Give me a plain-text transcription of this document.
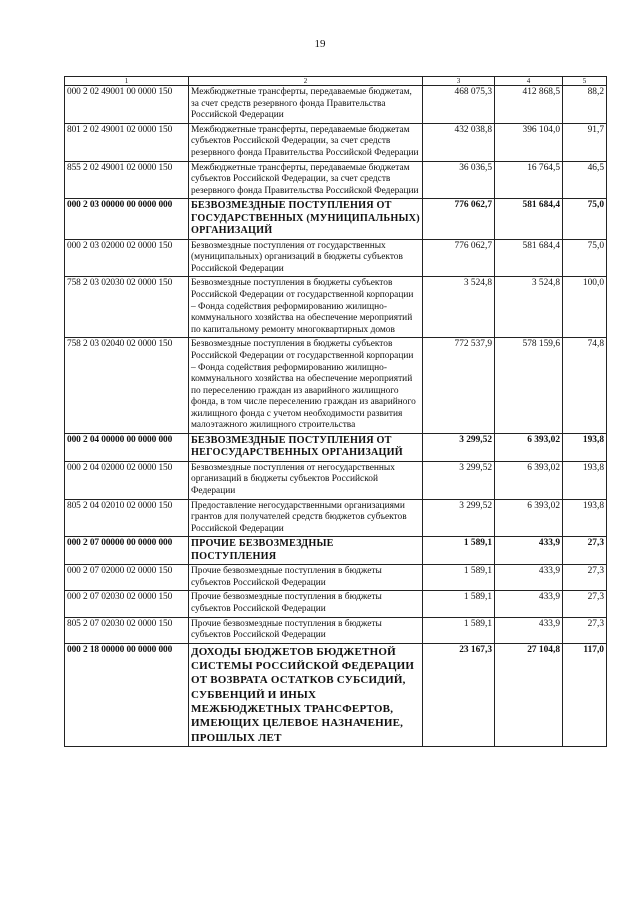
19
1	2	3	4	5
000 2 02 49001 00 0000 150	Межбюджетные трансферты, передаваемые бюджетам, за счет средств резервного фонда Правительства Российской Федерации	468 075,3	412 868,5	88,2
801 2 02 49001 02 0000 150	Межбюджетные трансферты, передаваемые бюджетам субъектов Российской Федерации, за счет средств резервного фонда Правительства Российской Федерации	432 038,8	396 104,0	91,7
855 2 02 49001 02 0000 150	Межбюджетные трансферты, передаваемые бюджетам субъектов Российской Федерации, за счет средств резервного фонда Правительства Российской Федерации	36 036,5	16 764,5	46,5
000 2 03 00000 00 0000 000	БЕЗВОЗМЕЗДНЫЕ ПОСТУПЛЕНИЯ ОТ ГОСУДАРСТВЕННЫХ (МУНИЦИПАЛЬНЫХ) ОРГАНИЗАЦИЙ	776 062,7	581 684,4	75,0
000 2 03 02000 02 0000 150	Безвозмездные поступления от государственных (муниципальных) организаций в бюджеты субъектов Российской Федерации	776 062,7	581 684,4	75,0
758 2 03 02030 02 0000 150	Безвозмездные поступления в бюджеты субъектов Российской Федерации от государственной корпорации – Фонда содействия реформированию жилищно-коммунального хозяйства на обеспечение мероприятий по капитальному ремонту многоквартирных домов	3 524,8	3 524,8	100,0
758 2 03 02040 02 0000 150	Безвозмездные поступления в бюджеты субъектов Российской Федерации от государственной корпорации – Фонда содействия реформированию жилищно-коммунального хозяйства на обеспечение мероприятий по переселению граждан из аварийного жилищного фонда, в том числе переселению граждан из аварийного жилищного фонда с учетом необходимости развития малоэтажного жилищного строительства	772 537,9	578 159,6	74,8
000 2 04 00000 00 0000 000	БЕЗВОЗМЕЗДНЫЕ ПОСТУПЛЕНИЯ ОТ НЕГОСУДАРСТВЕННЫХ ОРГАНИЗАЦИЙ	3 299,52	6 393,02	193,8
000 2 04 02000 02 0000 150	Безвозмездные поступления от негосударственных организаций в бюджеты субъектов Российской Федерации	3 299,52	6 393,02	193,8
805 2 04 02010 02 0000 150	Предоставление негосударственными организациями грантов для получателей средств бюджетов субъектов Российской Федерации	3 299,52	6 393,02	193,8
000 2 07 00000 00 0000 000	ПРОЧИЕ БЕЗВОЗМЕЗДНЫЕ ПОСТУПЛЕНИЯ	1 589,1	433,9	27,3
000 2 07 02000 02 0000 150	Прочие безвозмездные поступления в бюджеты субъектов Российской Федерации	1 589,1	433,9	27,3
000 2 07 02030 02 0000 150	Прочие безвозмездные поступления в бюджеты субъектов Российской Федерации	1 589,1	433,9	27,3
805 2 07 02030 02 0000 150	Прочие безвозмездные поступления в бюджеты субъектов Российской Федерации	1 589,1	433,9	27,3
000 2 18 00000 00 0000 000	ДОХОДЫ БЮДЖЕТОВ БЮДЖЕТНОЙ СИСТЕМЫ РОССИЙСКОЙ ФЕДЕРАЦИИ ОТ ВОЗВРАТА ОСТАТКОВ СУБСИДИЙ, СУБВЕНЦИЙ И ИНЫХ МЕЖБЮДЖЕТНЫХ ТРАНСФЕРТОВ, ИМЕЮЩИХ ЦЕЛЕВОЕ НАЗНАЧЕНИЕ, ПРОШЛЫХ ЛЕТ	23 167,3	27 104,8	117,0
